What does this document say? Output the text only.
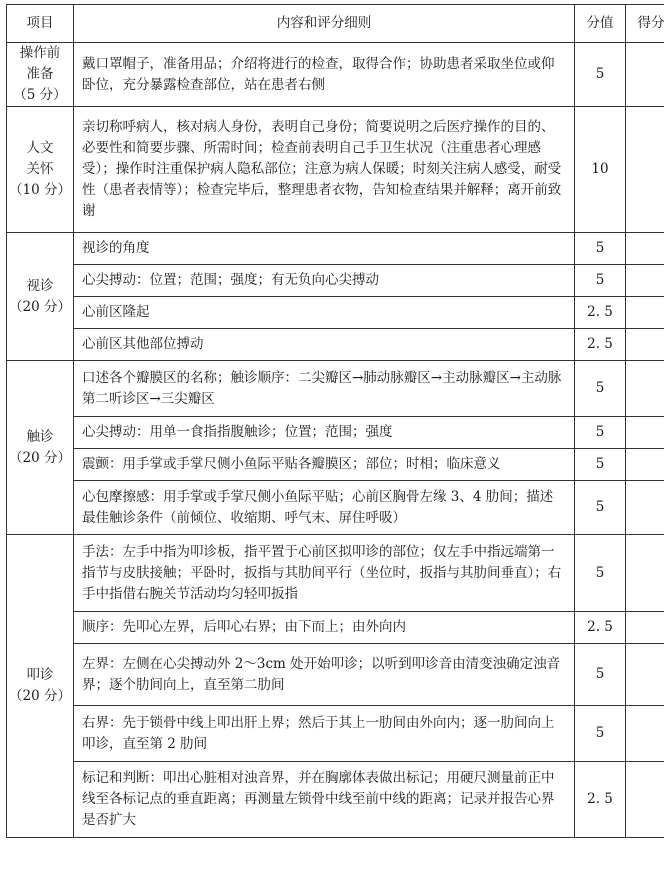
项目	内容和评分细则	分值	得分

操作前
准备
（5 分）	戴口罩帽子，准备用品；介绍将进行的检查，取得合作；协助患者采取坐位或仰卧位，充分暴露检查部位，站在患者右侧	5	

人文
关怀
（10 分）	亲切称呼病人，核对病人身份，表明自己身份；简要说明之后医疗操作的目的、必要性和简要步骤、所需时间；检查前表明自己手卫生状况（注重患者心理感受）；操作时注重保护病人隐私部位；注意为病人保暖；时刻关注病人感受，耐受性（患者表情等）；检查完毕后，整理患者衣物，告知检查结果并解释；离开前致谢	10	

视诊
（20 分）	视诊的角度	5	
	心尖搏动：位置；范围；强度；有无负向心尖搏动	5	
	心前区隆起	2. 5	
	心前区其他部位搏动	2. 5	

触诊
（20 分）	口述各个瓣膜区的名称；触诊顺序：二尖瓣区→肺动脉瓣区→主动脉瓣区→主动脉第二听诊区→三尖瓣区	5	
	心尖搏动：用单一食指指腹触诊；位置；范围；强度	5	
	震颤：用手掌或手掌尺侧小鱼际平贴各瓣膜区；部位；时相；临床意义	5	
	心包摩擦感：用手掌或手掌尺侧小鱼际平贴；心前区胸骨左缘 3、4 肋间；描述最佳触诊条件（前倾位、收缩期、呼气末、屏住呼吸）	5	

叩诊
（20 分）	手法：左手中指为叩诊板，指平置于心前区拟叩诊的部位；仅左手中指远端第一指节与皮肤接触；平卧时，扳指与其肋间平行（坐位时，扳指与其肋间垂直）；右手中指借右腕关节活动均匀轻叩扳指	5	
	顺序：先叩心左界，后叩心右界；由下而上；由外向内	2. 5	
	左界：左侧在心尖搏动外 2～3cm 处开始叩诊；以听到叩诊音由清变浊确定浊音界；逐个肋间向上，直至第二肋间	5	
	右界：先于锁骨中线上叩出肝上界；然后于其上一肋间由外向内；逐一肋间向上叩诊，直至第 2 肋间	5	
	标记和判断：叩出心脏相对浊音界，并在胸廓体表做出标记；用硬尺测量前正中线至各标记点的垂直距离；再测量左锁骨中线至前中线的距离；记录并报告心界是否扩大	2. 5	
